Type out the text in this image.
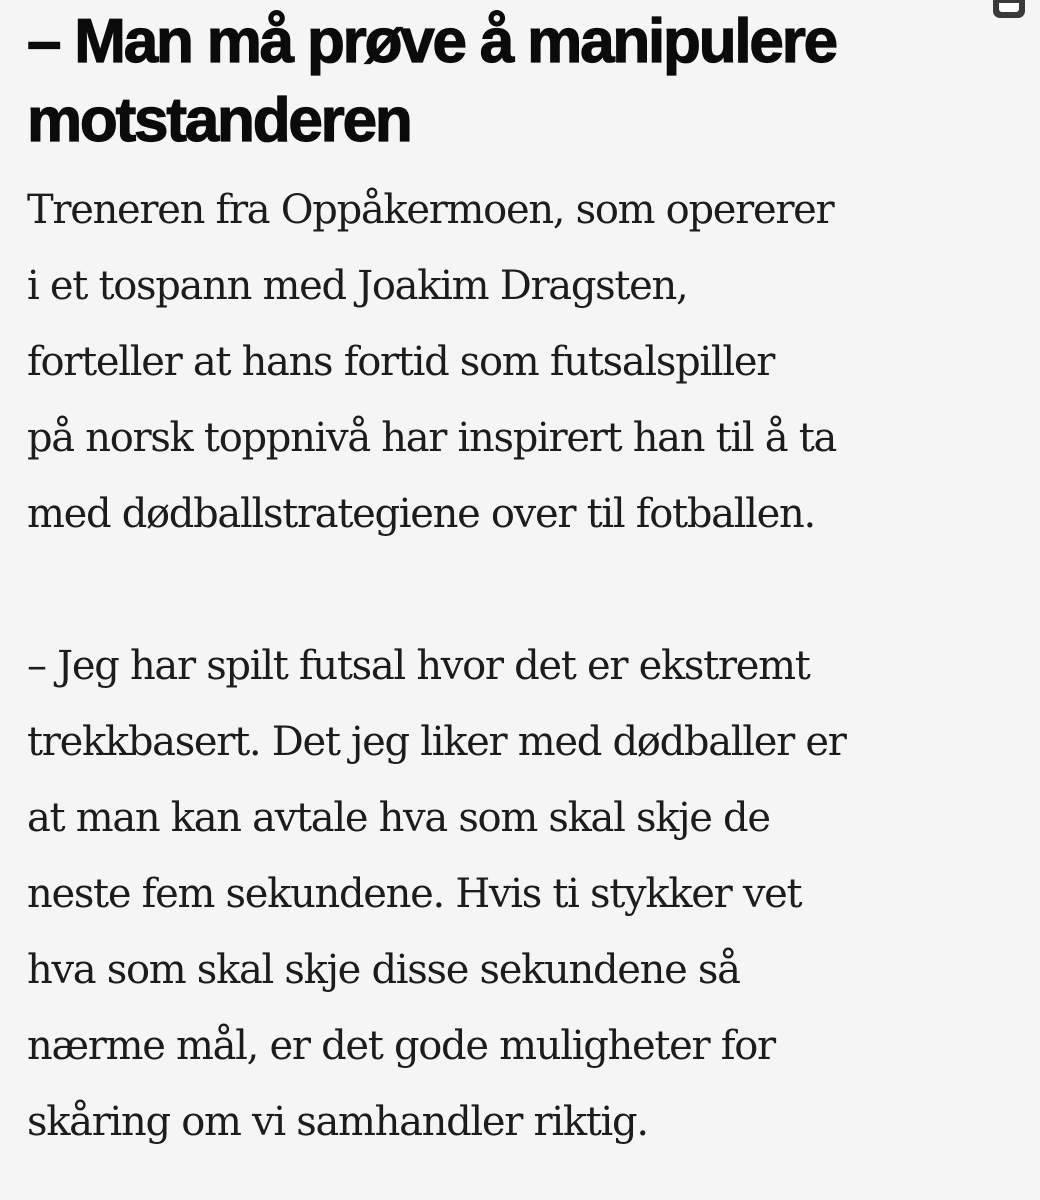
– Man må prøve å manipulere
motstanderen

Treneren fra Oppåkermoen, som opererer
i et tospann med Joakim Dragsten,
forteller at hans fortid som futsalspiller
på norsk toppnivå har inspirert han til å ta
med dødballstrategiene over til fotballen.

– Jeg har spilt futsal hvor det er ekstremt
trekkbasert. Det jeg liker med dødballer er
at man kan avtale hva som skal skje de
neste fem sekundene. Hvis ti stykker vet
hva som skal skje disse sekundene så
nærme mål, er det gode muligheter for
skåring om vi samhandler riktig.
